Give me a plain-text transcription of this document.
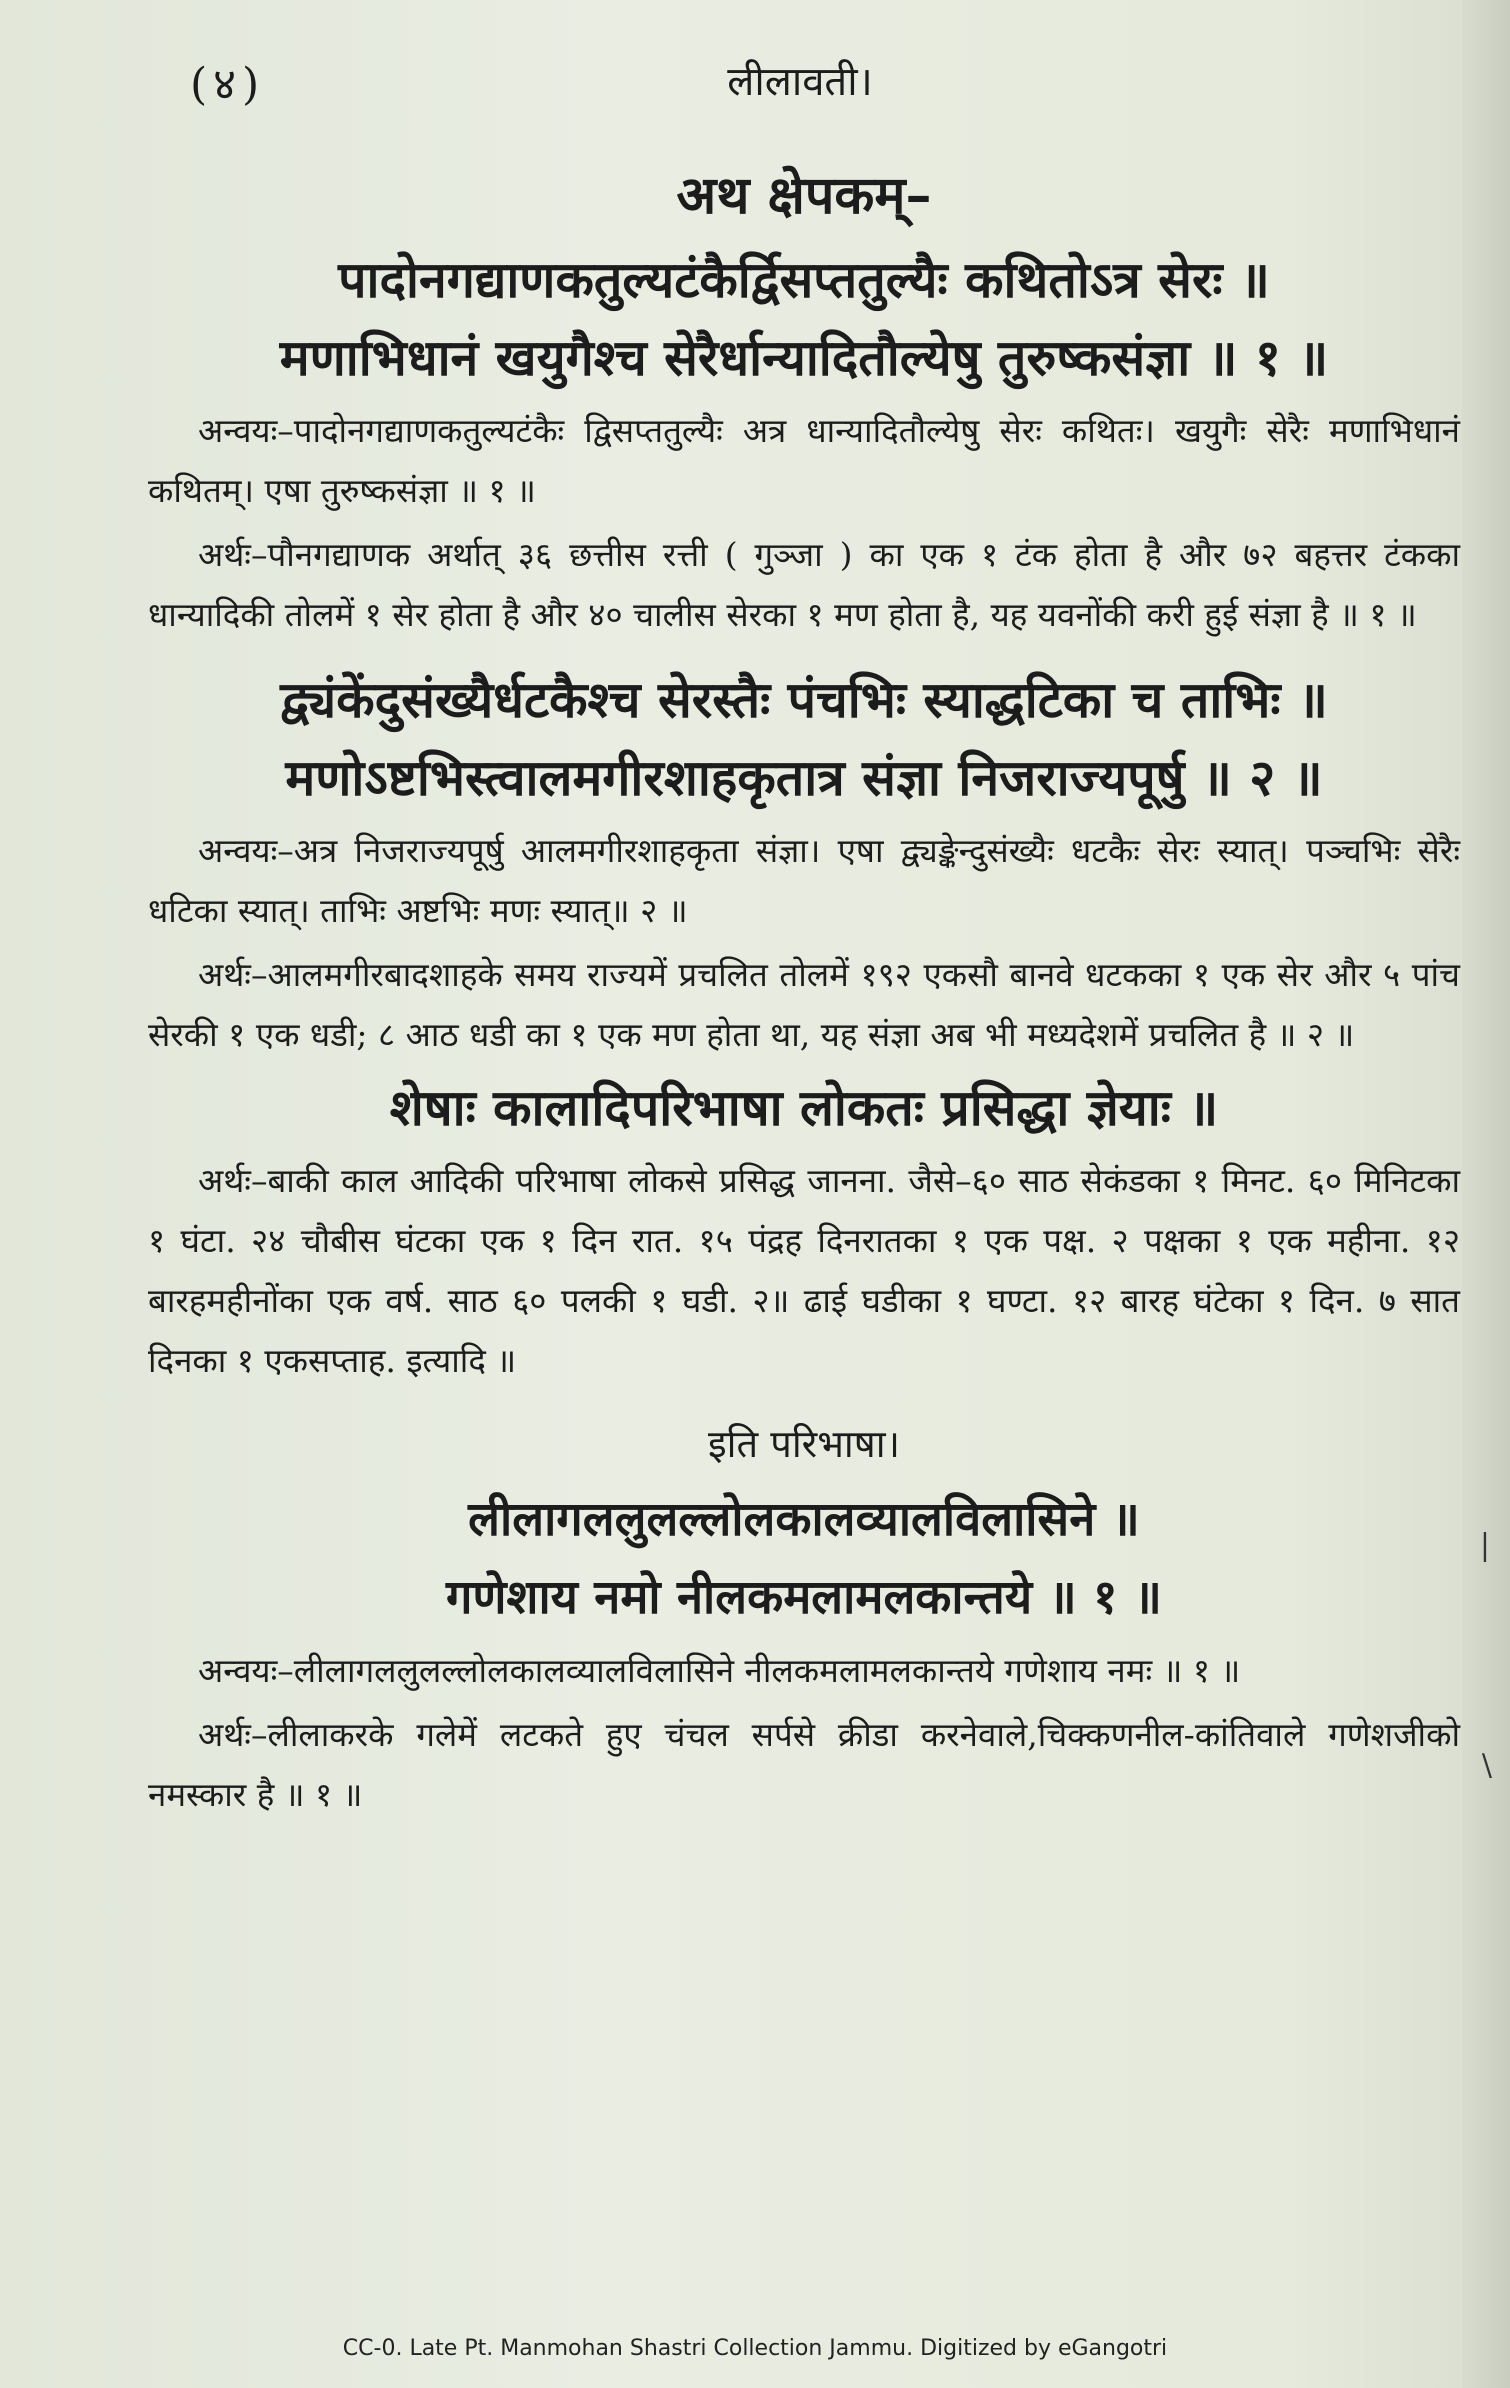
|
\
(४)	लीलावती।
अथ क्षेपकम्–
पादोनगद्याणकतुल्यटंकैर्द्विसप्ततुल्यैः कथितोऽत्र सेरः ॥
मणाभिधानं खयुगैश्च सेरैर्धान्यादितौल्येषु तुरुष्कसंज्ञा ॥ १ ॥
अन्वयः–पादोनगद्याणकतुल्यटंकैः द्विसप्ततुल्यैः अत्र धान्यादितौल्येषु सेरः कथितः। खयुगैः सेरैः मणाभिधानं कथितम्। एषा तुरुष्कसंज्ञा ॥ १ ॥
अर्थः–पौनगद्याणक अर्थात् ३६ छत्तीस रत्ती ( गुञ्जा ) का एक १ टंक होता है और ७२ बहत्तर टंकका धान्यादिकी तोलमें १ सेर होता है और ४० चालीस सेरका १ मण होता है, यह यवनोंकी करी हुई संज्ञा है ॥ १ ॥
द्व्यंकेंदुसंख्यैर्धटकैश्च सेरस्तैः पंचभिः स्याद्धटिका च ताभिः ॥
मणोऽष्टभिस्त्वालमगीरशाहकृतात्र संज्ञा निजराज्यपूर्षु ॥ २ ॥
अन्वयः–अत्र निजराज्यपूर्षु आलमगीरशाहकृता संज्ञा। एषा द्व्यङ्केन्दुसंख्यैः धटकैः सेरः स्यात्। पञ्चभिः सेरैः धटिका स्यात्। ताभिः अष्टभिः मणः स्यात्॥ २ ॥
अर्थः–आलमगीरबादशाहके समय राज्यमें प्रचलित तोलमें १९२ एकसौ बानवे धटकका १ एक सेर और ५ पांच सेरकी १ एक धडी; ८ आठ धडी का १ एक मण होता था, यह संज्ञा अब भी मध्यदेशमें प्रचलित है ॥ २ ॥
शेषाः कालादिपरिभाषा लोकतः प्रसिद्धा ज्ञेयाः ॥
अर्थः–बाकी काल आदिकी परिभाषा लोकसे प्रसिद्ध जानना. जैसे–६० साठ सेकंडका १ मिनट. ६० मिनिटका १ घंटा. २४ चौबीस घंटका एक १ दिन रात. १५ पंद्रह दिनरातका १ एक पक्ष. २ पक्षका १ एक महीना. १२ बारहमहीनोंका एक वर्ष. साठ ६० पलकी १ घडी. २॥ ढाई घडीका १ घण्टा. १२ बारह घंटेका १ दिन. ७ सात दिनका १ एकसप्ताह. इत्यादि ॥
इति परिभाषा।
लीलागललुलल्लोलकालव्यालविलासिने ॥
गणेशाय नमो नीलकमलामलकान्तये ॥ १ ॥
अन्वयः–लीलागललुलल्लोलकालव्यालविलासिने नीलकमलामलकान्तये गणेशाय नमः ॥ १ ॥
अर्थः–लीलाकरके गलेमें लटकते हुए चंचल सर्पसे क्रीडा करनेवाले,चिक्कणनील-कांतिवाले गणेशजीको नमस्कार है ॥ १ ॥
CC-0. Late Pt. Manmohan Shastri Collection Jammu. Digitized by eGangotri
